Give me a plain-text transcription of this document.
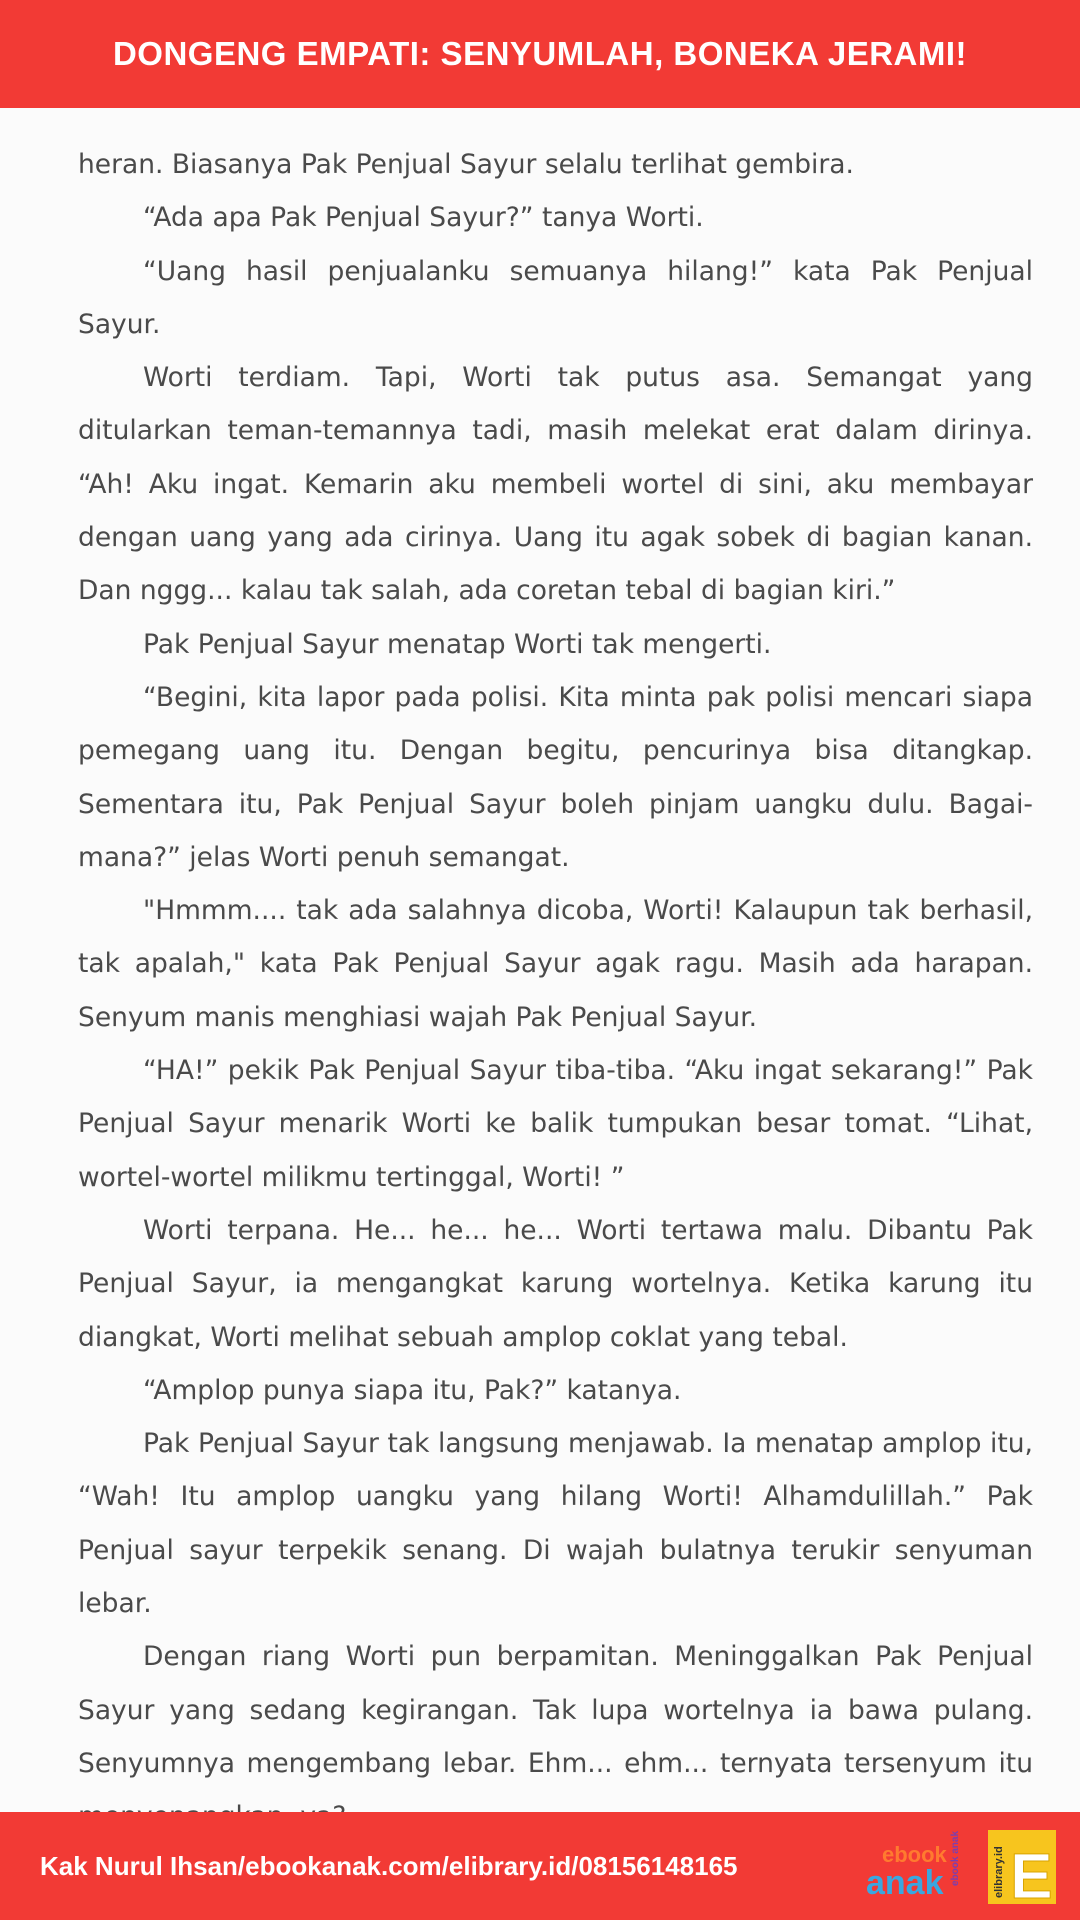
DONGENG EMPATI: SENYUMLAH, BONEKA JERAMI!

heran. Biasanya Pak Penjual Sayur selalu terlihat gembira.

“Ada apa Pak Penjual Sayur?” tanya Worti.

“Uang hasil penjualanku semuanya hilang!” kata Pak Penjual Sayur.

Worti terdiam. Tapi, Worti tak putus asa. Semangat yang ditularkan teman-temannya tadi, masih melekat erat dalam dirinya. “Ah! Aku ingat. Kemarin aku membeli wortel di sini, aku membayar dengan uang yang ada cirinya. Uang itu agak sobek di bagian kanan. Dan nggg... kalau tak salah, ada coretan tebal di bagian kiri.”

Pak Penjual Sayur menatap Worti tak mengerti.

“Begini, kita lapor pada polisi. Kita minta pak polisi mencari siapa pemegang uang itu. Dengan begitu, pencurinya bisa ditangkap. Sementara itu, Pak Penjual Sayur boleh pinjam uangku dulu. Bagai-mana?” jelas Worti penuh semangat.

"Hmmm.... tak ada salahnya dicoba, Worti! Kalaupun tak berhasil, tak apalah," kata Pak Penjual Sayur agak ragu. Masih ada harapan. Senyum manis menghiasi wajah Pak Penjual Sayur.

“HA!” pekik Pak Penjual Sayur tiba-tiba. “Aku ingat sekarang!” Pak Penjual Sayur menarik Worti ke balik tumpukan besar tomat. “Lihat, wortel-wortel milikmu tertinggal, Worti! ”

Worti terpana. He... he... he... Worti tertawa malu. Dibantu Pak Penjual Sayur, ia mengangkat karung wortelnya. Ketika karung itu diangkat, Worti melihat sebuah amplop coklat yang tebal.

“Amplop punya siapa itu, Pak?” katanya.

Pak Penjual Sayur tak langsung menjawab. Ia menatap amplop itu, “Wah! Itu amplop uangku yang hilang Worti! Alhamdulillah.” Pak Penjual sayur terpekik senang. Di wajah bulatnya terukir senyuman lebar.

Dengan riang Worti pun berpamitan. Meninggalkan Pak Penjual Sayur yang sedang kegirangan. Tak lupa wortelnya ia bawa pulang. Senyumnya mengembang lebar. Ehm... ehm... ternyata tersenyum itu

Kak Nurul Ihsan/ebookanak.com/elibrary.id/08156148165	ebook
anak ebook anak	elibrary.id E
